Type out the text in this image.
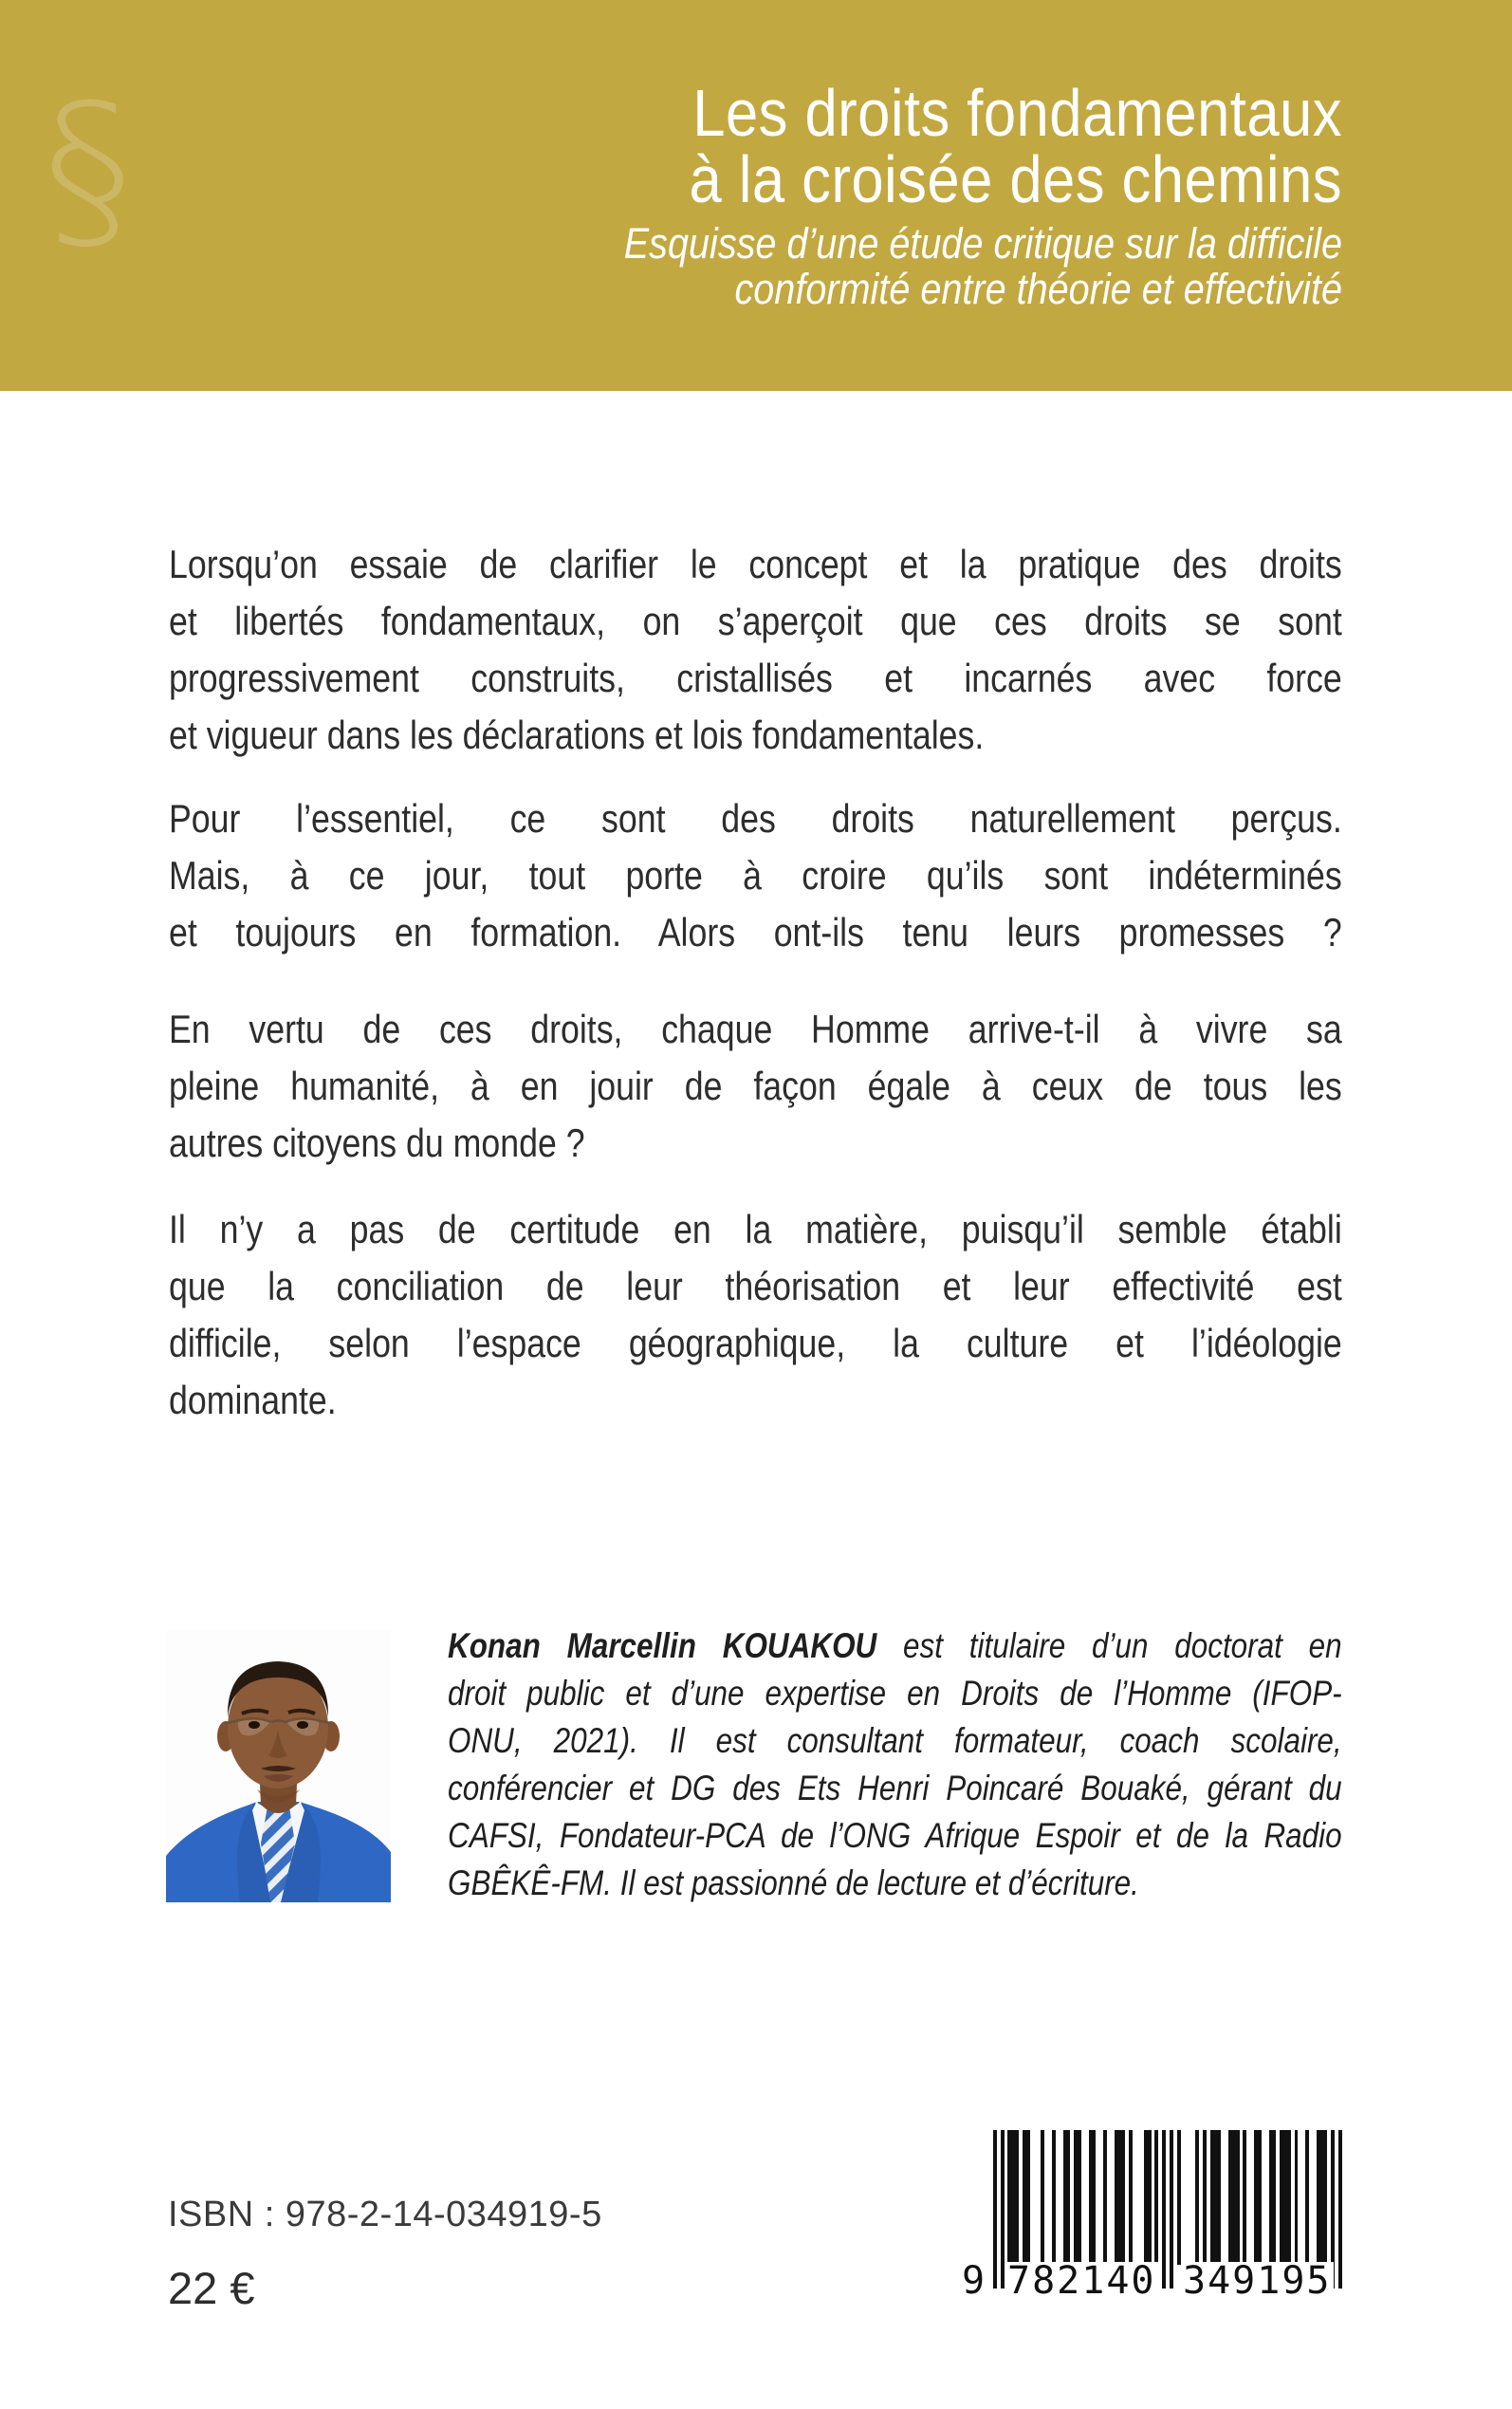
§	Les droits fondamentaux
à la croisée des chemins
Esquisse d’une étude critique sur la difficile
conformité entre théorie et effectivité
Lorsqu’on essaie de clarifier le concept et la pratique des droits
et libertés fondamentaux, on s’aperçoit que ces droits se sont
progressivement construits, cristallisés et incarnés avec force
et vigueur dans les déclarations et lois fondamentales.
Pour l’essentiel, ce sont des droits naturellement perçus.
Mais, à ce jour, tout porte à croire qu’ils sont indéterminés
et toujours en formation. Alors ont-ils tenu leurs promesses ?
En vertu de ces droits, chaque Homme arrive-t-il à vivre sa
pleine humanité, à en jouir de façon égale à ceux de tous les
autres citoyens du monde ?
Il n’y a pas de certitude en la matière, puisqu’il semble établi
que la conciliation de leur théorisation et leur effectivité est
difficile, selon l’espace géographique, la culture et l’idéologie
dominante.
Konan Marcellin KOUAKOU est titulaire d’un doctorat en
droit public et d’une expertise en Droits de l’Homme (IFOP-
ONU, 2021). Il est consultant formateur, coach scolaire,
conférencier et DG des Ets Henri Poincaré Bouaké, gérant du
CAFSI, Fondateur-PCA de l’ONG Afrique Espoir et de la Radio
GBÊKÊ-FM. Il est passionné de lecture et d’écriture.
ISBN : 978-2-14-034919-5
22 €	9 782140 349195
